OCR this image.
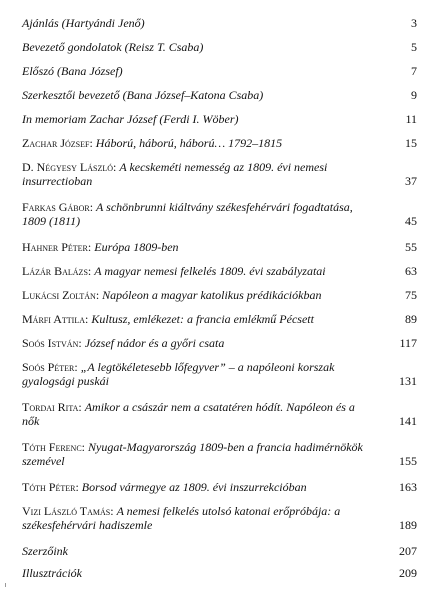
Ajánlás (Hartyándi Jenő)	3
Bevezető gondolatok (Reisz T. Csaba)	5
Előszó (Bana József)	7
Szerkesztői bevezető (Bana József–Katona Csaba)	9
In memoriam Zachar József (Ferdi I. Wöber)	11
Zachar József: Háború, háború, háború… 1792–1815	15
D. Négyesy László: A kecskeméti nemesség az 1809. évi nemesi insurrectioban	37
Farkas Gábor: A schönbrunni kiáltvány székesfehérvári fogadtatása, 1809 (1811)	45
Hahner Péter: Európa 1809-ben	55
Lázár Balázs: A magyar nemesi felkelés 1809. évi szabályzatai	63
Lukácsi Zoltán: Napóleon a magyar katolikus prédikációkban	75
Márfi Attila: Kultusz, emlékezet: a francia emlékmű Pécsett	89
Soós István: József nádor és a győri csata	117
Soós Péter: „A legtökéletesebb lőfegyver” – a napóleoni korszak gyalogsági puskái	131
Tordai Rita: Amikor a császár nem a csatatéren hódít. Napóleon és a nők	141
Tóth Ferenc: Nyugat-Magyarország 1809-ben a francia hadimérnökök szemével	155
Tóth Péter: Borsod vármegye az 1809. évi inszurrekcióban	163
Vizi László Tamás: A nemesi felkelés utolsó katonai erőpróbája: a székesfehérvári hadiszemle	189
Szerzőink	207
Illusztrációk	209
